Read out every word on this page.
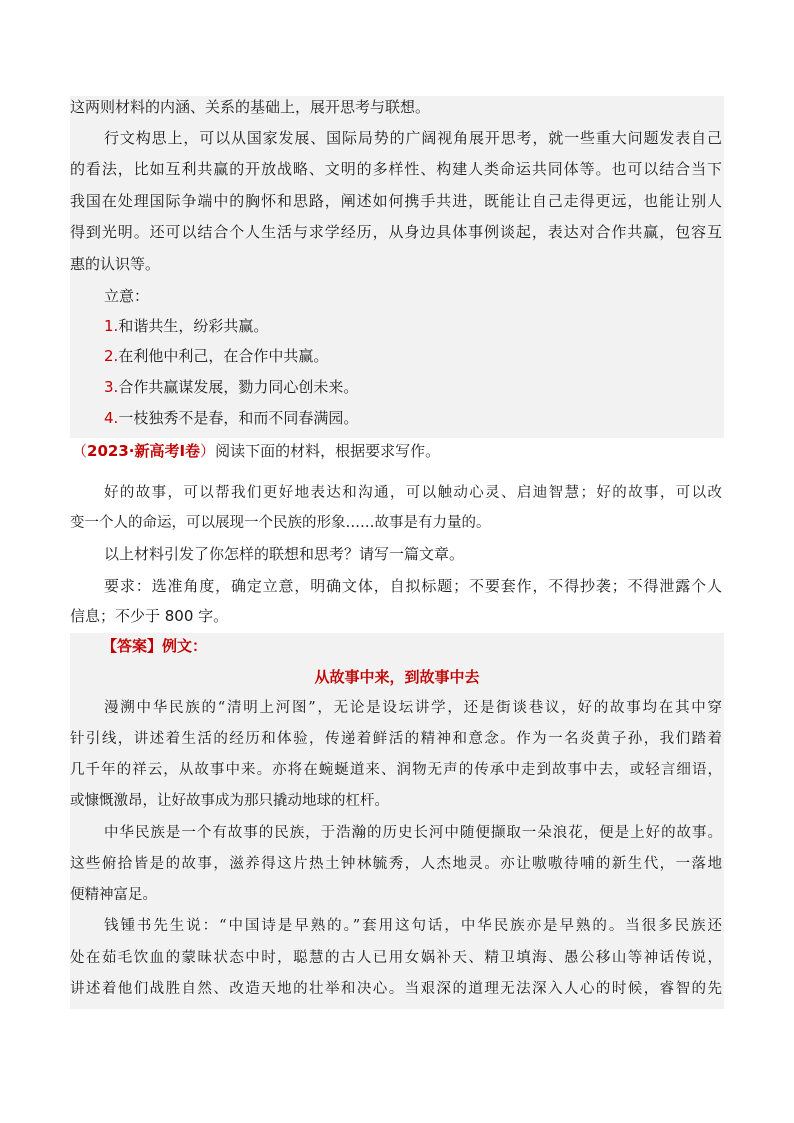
这两则材料的内涵、关系的基础上，展开思考与联想。
行文构思上，可以从国家发展、国际局势的广阔视角展开思考，就一些重大问题发表自己
的看法，比如互利共赢的开放战略、文明的多样性、构建人类命运共同体等。也可以结合当下
我国在处理国际争端中的胸怀和思路，阐述如何携手共进，既能让自己走得更远，也能让别人
得到光明。还可以结合个人生活与求学经历，从身边具体事例谈起，表达对合作共赢，包容互
惠的认识等。
立意：
1.和谐共生，纷彩共赢。
2.在利他中利己，在合作中共赢。
3.合作共赢谋发展，勠力同心创未来。
4.一枝独秀不是春，和而不同春满园。
（2023·新高考Ⅰ卷）阅读下面的材料，根据要求写作。
好的故事，可以帮我们更好地表达和沟通，可以触动心灵、启迪智慧；好的故事，可以改
变一个人的命运，可以展现一个民族的形象……故事是有力量的。
以上材料引发了你怎样的联想和思考？请写一篇文章。
要求：选准角度，确定立意，明确文体，自拟标题；不要套作，不得抄袭；不得泄露个人
信息；不少于 800 字。
【答案】例文：
从故事中来，到故事中去
漫溯中华民族的“清明上河图”，无论是设坛讲学，还是街谈巷议，好的故事均在其中穿
针引线，讲述着生活的经历和体验，传递着鲜活的精神和意念。作为一名炎黄子孙，我们踏着
几千年的祥云，从故事中来。亦将在蜿蜒道来、润物无声的传承中走到故事中去，或轻言细语，
或慷慨激昂，让好故事成为那只撬动地球的杠杆。
中华民族是一个有故事的民族，于浩瀚的历史长河中随便撷取一朵浪花，便是上好的故事。
这些俯拾皆是的故事，滋养得这片热土钟林毓秀，人杰地灵。亦让嗷嗷待哺的新生代，一落地
便精神富足。
钱锺书先生说：“中国诗是早熟的。”套用这句话，中华民族亦是早熟的。当很多民族还
处在茹毛饮血的蒙昧状态中时，聪慧的古人已用女娲补天、精卫填海、愚公移山等神话传说，
讲述着他们战胜自然、改造天地的壮举和决心。当艰深的道理无法深入人心的时候，睿智的先
